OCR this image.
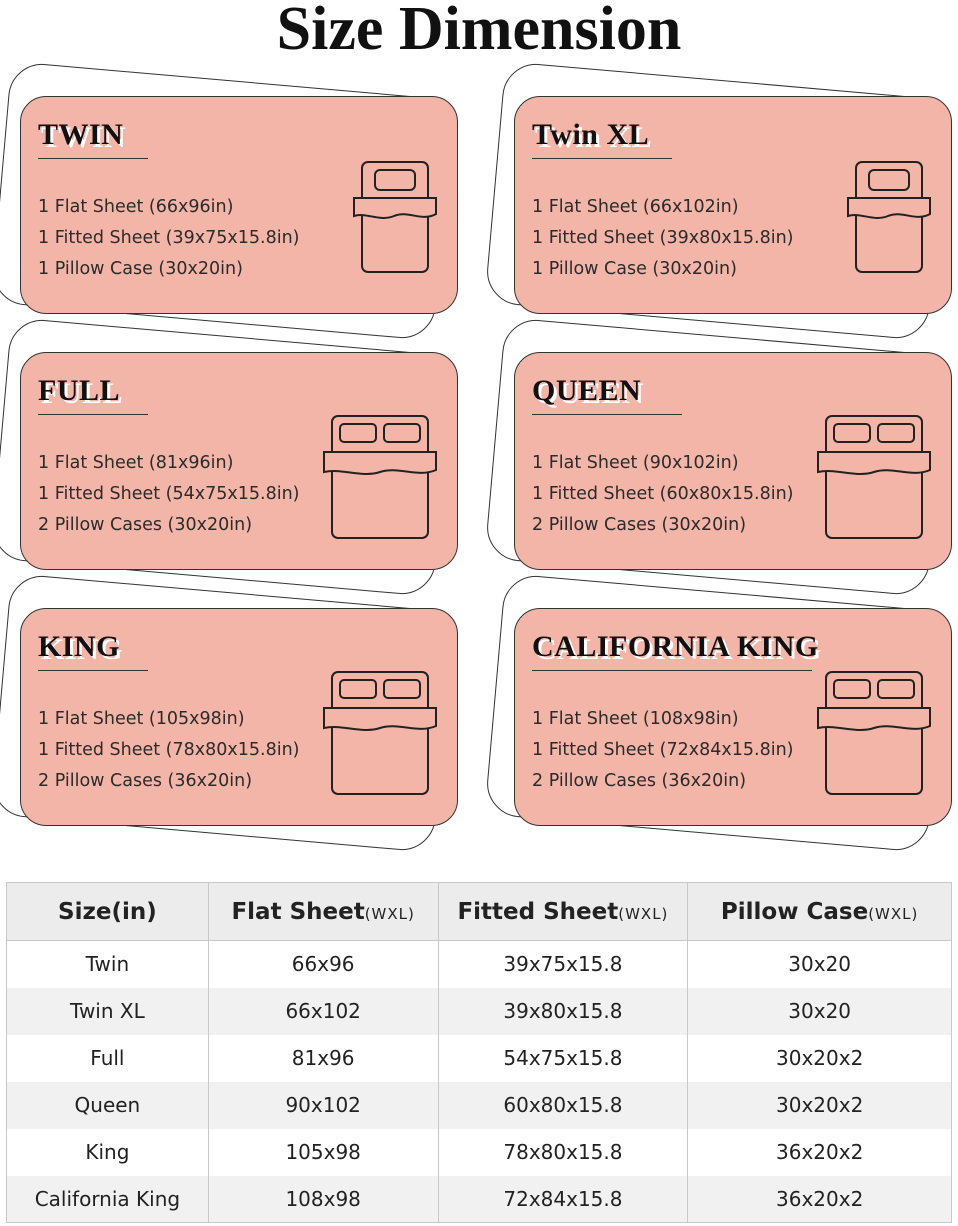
Size Dimension
TWIN
1 Flat Sheet (66x96in)
1 Fitted Sheet (39x75x15.8in)
1 Pillow Case (30x20in)
Twin XL
1 Flat Sheet (66x102in)
1 Fitted Sheet (39x80x15.8in)
1 Pillow Case (30x20in)
FULL
1 Flat Sheet (81x96in)
1 Fitted Sheet (54x75x15.8in)
2 Pillow Cases (30x20in)
QUEEN
1 Flat Sheet (90x102in)
1 Fitted Sheet (60x80x15.8in)
2 Pillow Cases (30x20in)
KING
1 Flat Sheet (105x98in)
1 Fitted Sheet (78x80x15.8in)
2 Pillow Cases (36x20in)
CALIFORNIA KING
1 Flat Sheet (108x98in)
1 Fitted Sheet (72x84x15.8in)
2 Pillow Cases (36x20in)
Size(in)	Flat Sheet(WXL)	Fitted Sheet(WXL)	Pillow Case(WXL)
Twin	66x96	39x75x15.8	30x20
Twin XL	66x102	39x80x15.8	30x20
Full	81x96	54x75x15.8	30x20x2
Queen	90x102	60x80x15.8	30x20x2
King	105x98	78x80x15.8	36x20x2
California King	108x98	72x84x15.8	36x20x2
